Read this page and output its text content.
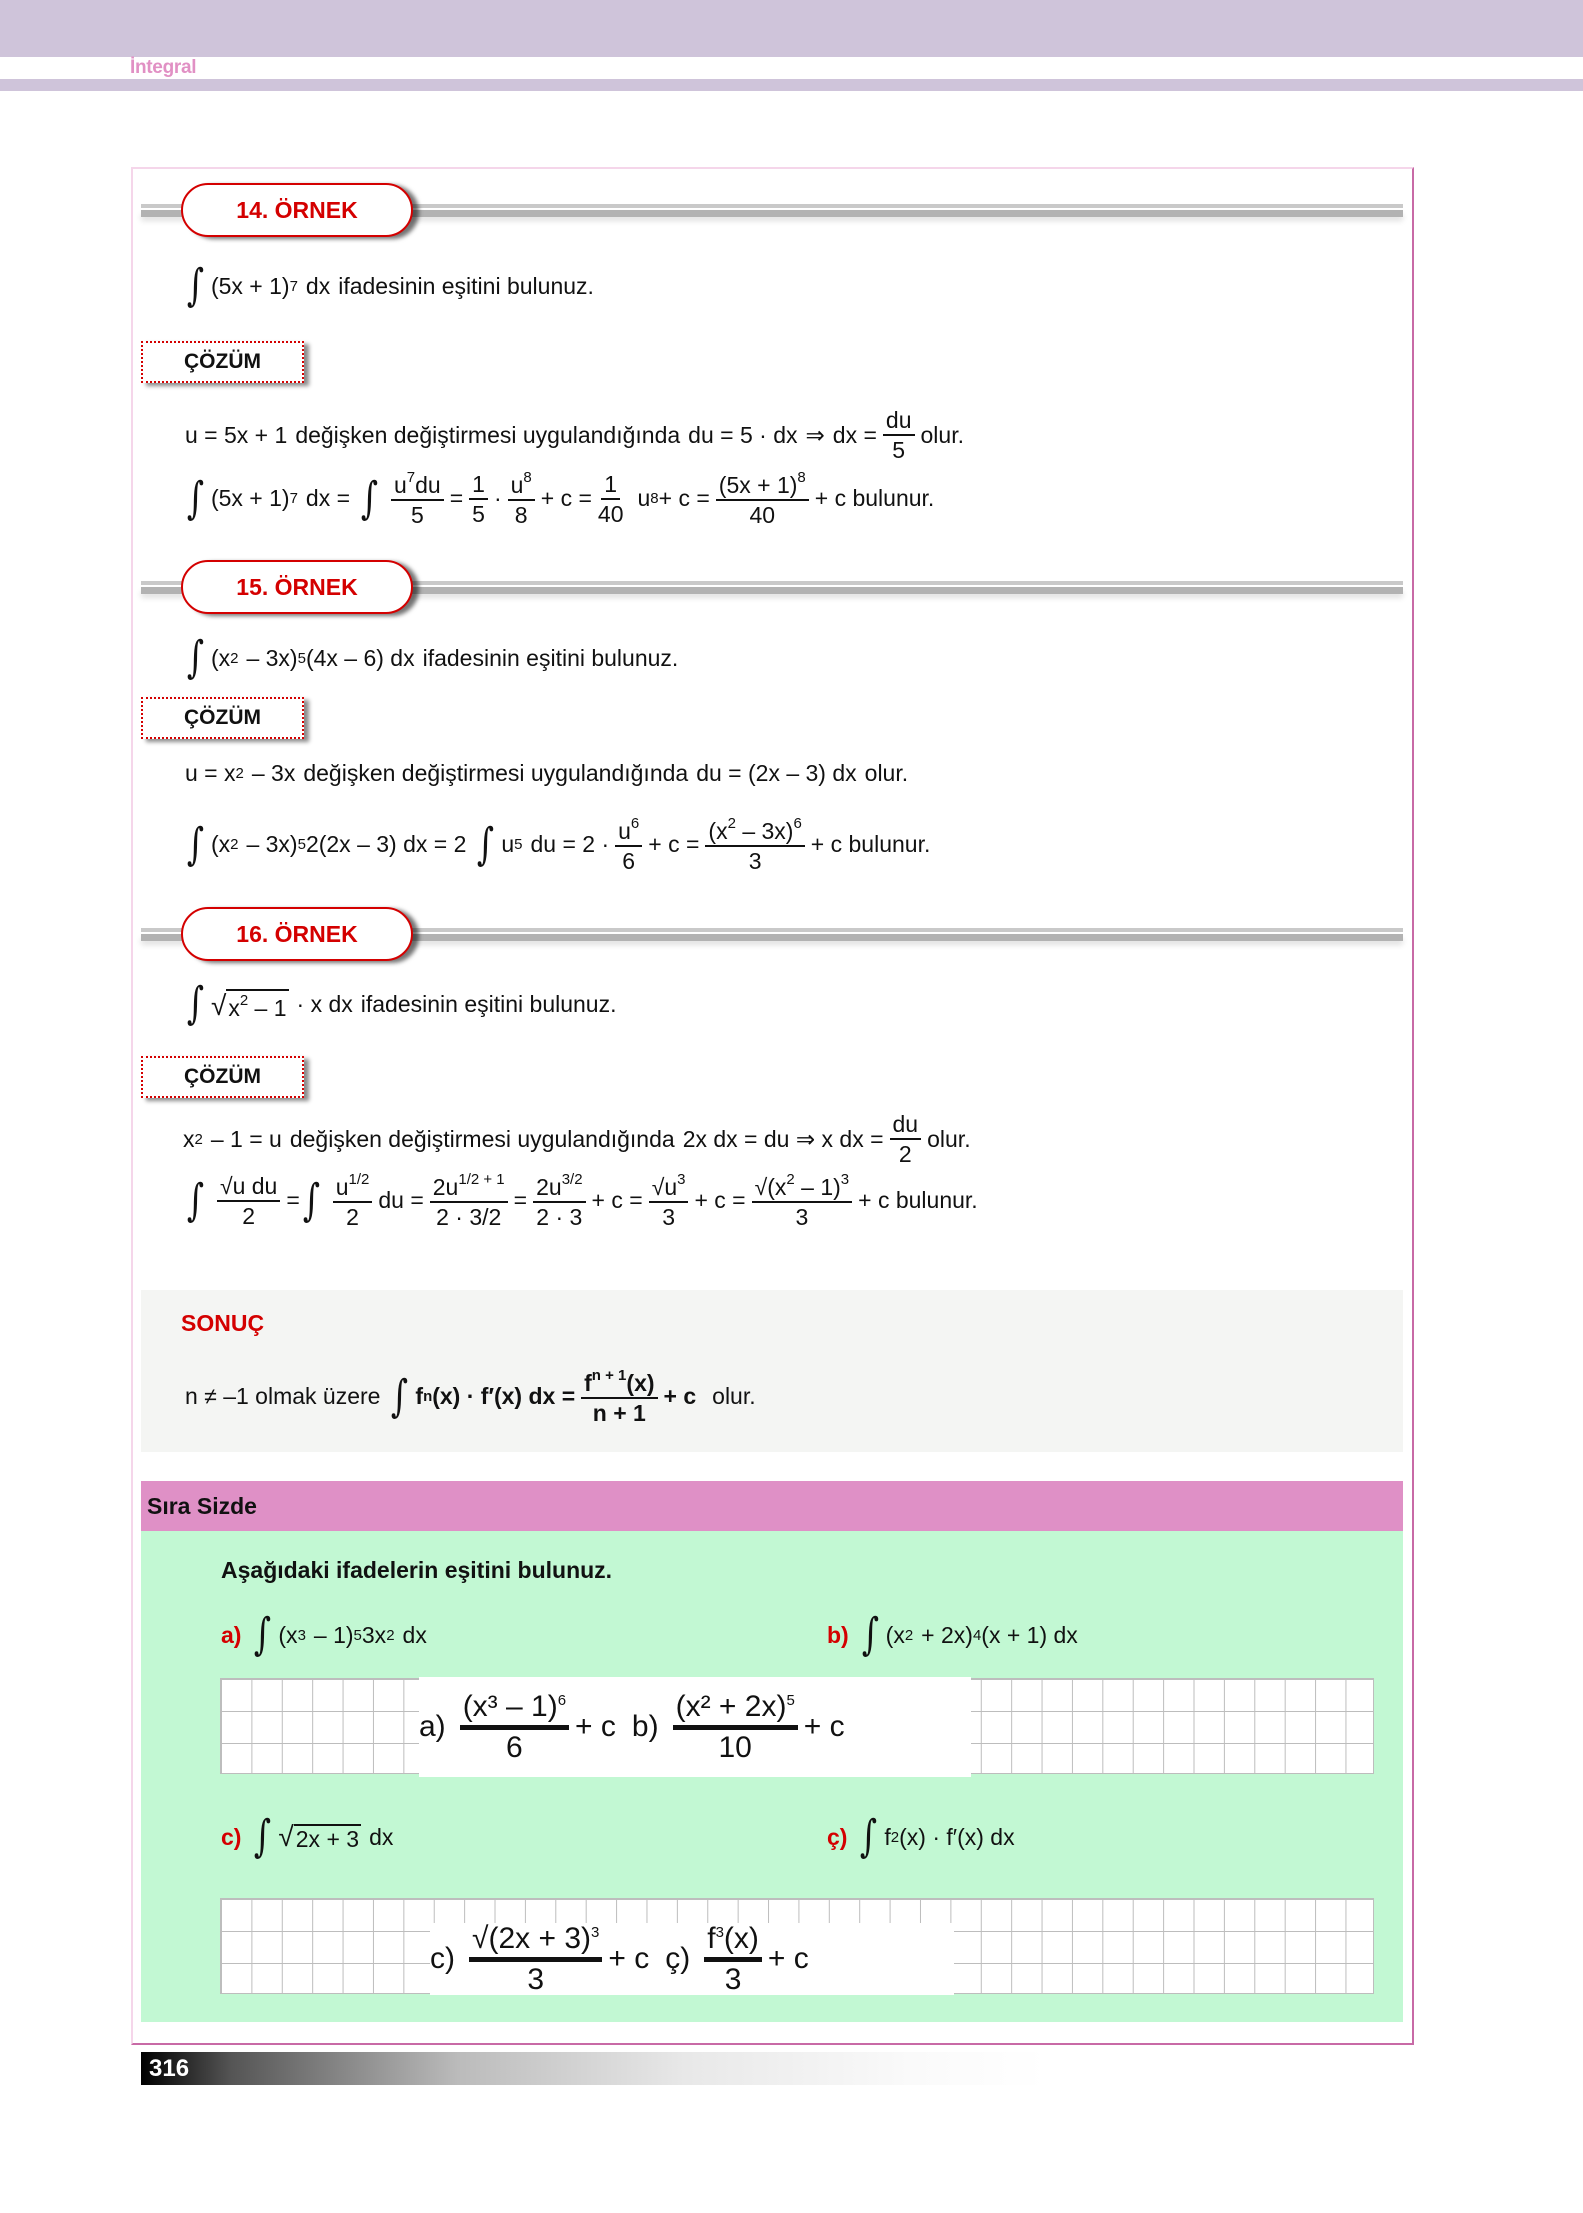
İntegral
14. ÖRNEK
∫ (5x + 1) 7 dx ifadesinin eşitini bulunuz.
ÇÖZÜM
u = 5x + 1 değişken değiştirmesi uygulandığında du = 5 · dx ⇒ dx = $\frac{du}{5}$ olur.
∫ (5x + 1) 7 dx = ∫ $\frac{u^7du}{5} = \frac{1}{5} \cdot \frac{u^8}{8} + c = \frac{1}{40}$ u $8 + c = \frac{(5x + 1)^8}{40} + c$ bulunur.
15. ÖRNEK
∫ (x 2 – 3x) 5 (4x – 6) dx ifadesinin eşitini bulunuz.
ÇÖZÜM
u = x 2 – 3x değişken değiştirmesi uygulandığında du = (2x – 3) dx olur.
∫ (x 2 – 3x) 5 2(2x – 3) dx = 2 ∫ u 5 du = $2 \cdot \frac{u^6}{6} + c = \frac{(x^2 - 3x)^6}{3} + c$ bulunur.
16. ÖRNEK
∫ √ $x^2 - 1 \cdot x$ dx ifadesinin eşitini bulunuz.
ÇÖZÜM
x 2 – 1 = u değişken değiştirmesi uygulandığında 2x dx = du ⇒ x dx = $\frac{du}{2}$ olur.
∫ $\frac{\text{√u du}}{2}$ = ∫ $\frac{u^{1/2}}{2}$ du = $\frac{2u^{1/2 + 1}}{2 \cdot 3/2} = \frac{2u^{3/2}}{2 \cdot 3} + c = \frac{√u^3}{3} + c = \frac{√(x^2 - 1)^3}{3} + c$ bulunur.
SONUÇ
n ≠ –1 olmak üzere ∫ f n (x) · f′(x) dx = $\frac{f^{n + 1}(x)}{n + 1} + c$ olur.
Sıra Sizde
Aşağıdaki ifadelerin eşitini bulunuz.
a) ∫ (x 3 – 1) 5 3x 2 dx	b) ∫ (x 2 + 2x) 4 (x + 1) dx
$a) \frac{(x^3 - 1)^6}{6} + c$ $b) \frac{(x^2 + 2x)^5}{10} + c$
c) ∫ √ 2x + 3 dx	ç) ∫ f 2 (x) · f′(x) dx
$c) \frac{√(2x + 3)^3}{3} + c$ ç) $\frac{f^3(x)}{3} + c$
316
